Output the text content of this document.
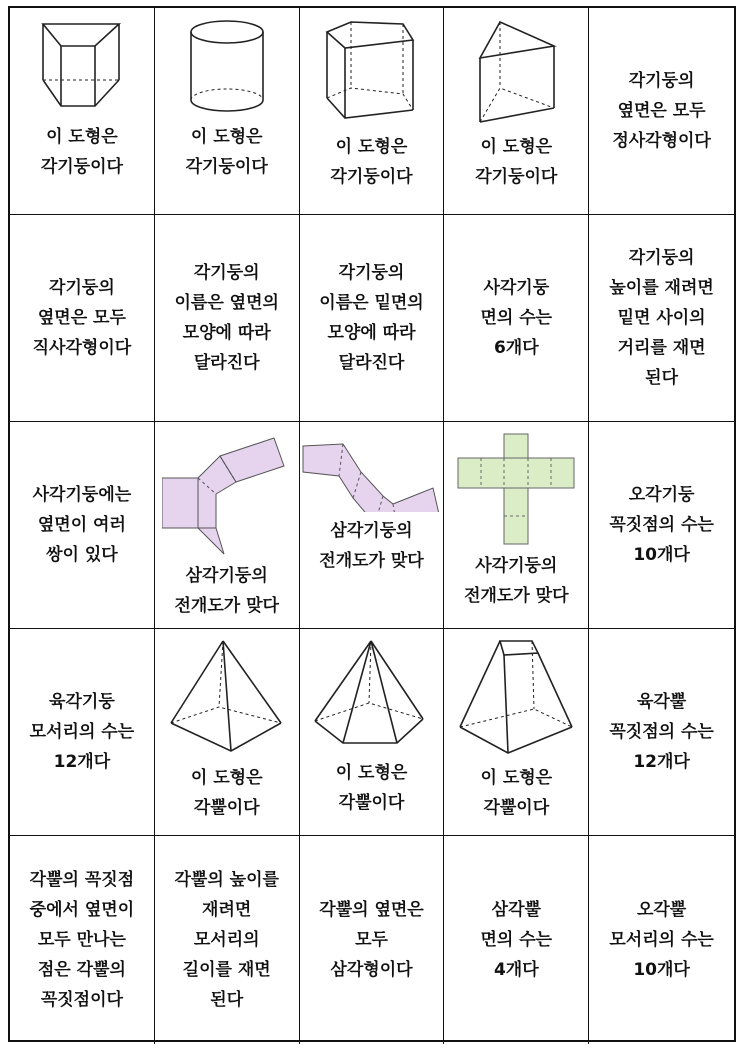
이 도형은
각기둥이다
이 도형은
각기둥이다
이 도형은
각기둥이다
이 도형은
각기둥이다
각기둥의
옆면은 모두
정사각형이다
각기둥의
옆면은 모두
직사각형이다
각기둥의
이름은 옆면의
모양에 따라
달라진다
각기둥의
이름은 밑면의
모양에 따라
달라진다
사각기둥
면의 수는
6개다
각기둥의
높이를 재려면
밑면 사이의
거리를 재면
된다
사각기둥에는
옆면이 여러
쌍이 있다
삼각기둥의
전개도가 맞다
삼각기둥의
전개도가 맞다	사각기둥의
전개도가 맞다
오각기둥
꼭짓점의 수는
10개다
육각기둥
모서리의 수는
12개다
이 도형은
각뿔이다
이 도형은
각뿔이다
이 도형은
각뿔이다
육각뿔
꼭짓점의 수는
12개다
각뿔의 꼭짓점
중에서 옆면이
모두 만나는
점은 각뿔의
꼭짓점이다
각뿔의 높이를
재려면
모서리의
길이를 재면
된다
각뿔의 옆면은
모두
삼각형이다
삼각뿔
면의 수는
4개다
오각뿔
모서리의 수는
10개다
